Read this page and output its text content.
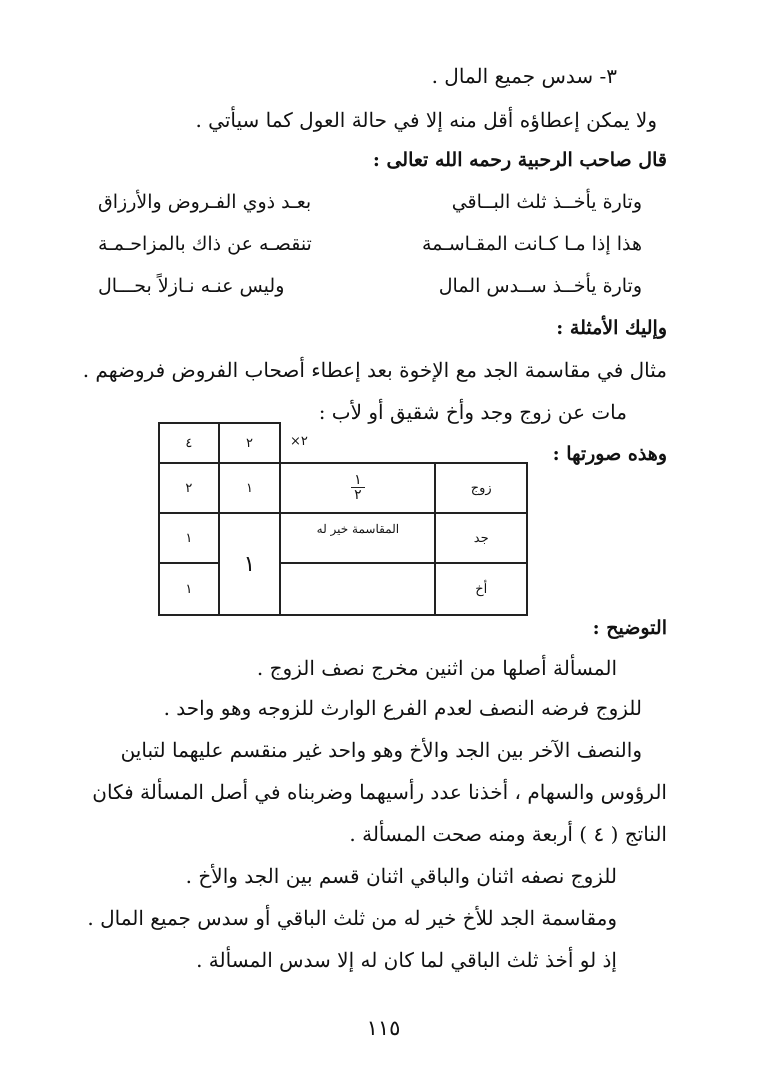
٣- سدس جميع المال .
ولا يمكن إعطاؤه أقل منه إلا في حالة العول كما سيأتي .
قال صاحب الرحبية رحمه الله تعالى :
وتارة يأخــذ ثلث البــاقي
بعـد ذوي الفـروض والأرزاق
هذا إذا مـا كـانت المقـاسـمة
تنقصـه عن ذاك بالمزاحـمـة
وتارة يأخــذ ســدس المال
وليس عنـه نـازلاً بحـــال
وإليك الأمثلة :
مثال في مقاسمة الجد مع الإخوة بعد إعطاء أصحاب الفروض فروضهم .
مات عن زوج وجد وأخ شقيق أو لأب :
وهذه صورتها :
×٢
٤	٢		
٢	١	$\frac{١}{٢}$	زوج
١	١	المقاسمة خير له	جد
١			أخ
التوضيح :
المسألة أصلها من اثنين مخرج نصف الزوج .
للزوج فرضه النصف لعدم الفرع الوارث للزوجه وهو واحد .
والنصف الآخر بين الجد والأخ وهو واحد غير منقسم عليهما لتباين
الرؤوس والسهام ، أخذنا عدد رأسيهما وضربناه في أصل المسألة فكان
الناتج ( ٤ ) أربعة ومنه صحت المسألة .
للزوج نصفه اثنان والباقي اثنان قسم بين الجد والأخ .
ومقاسمة الجد للأخ خير له من ثلث الباقي أو سدس جميع المال .
إذ لو أخذ ثلث الباقي لما كان له إلا سدس المسألة .
١١٥
